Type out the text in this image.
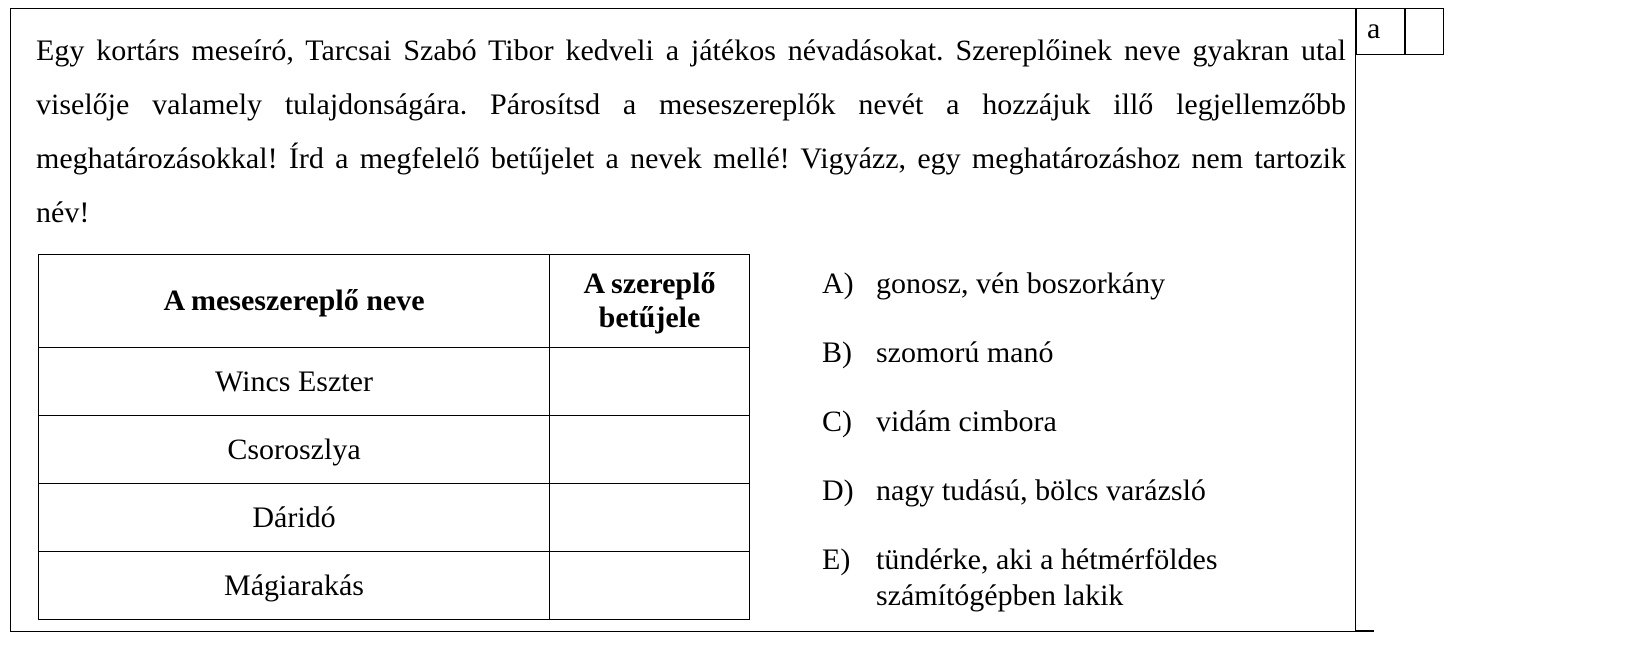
a
Egy kortárs meseíró, Tarcsai Szabó Tibor kedveli a játékos névadásokat. Szereplőinek neve gyakran utal viselője valamely tulajdonságára. Párosítsd a meseszereplők nevét a hozzájuk illő legjellemzőbb meghatározásokkal! Írd a megfelelő betűjelet a nevek mellé! Vigyázz, egy meghatározáshoz nem tartozik név!
A meseszereplő neve	A szereplő
betűjele
Wincs Eszter	
Csoroszlya	
Dáridó	
Mágiarakás	
A) gonosz, vén boszorkány
B) szomorú manó
C) vidám cimbora
D) nagy tudású, bölcs varázsló
E) tündérke, aki a hétmérföldes
számítógépben lakik
